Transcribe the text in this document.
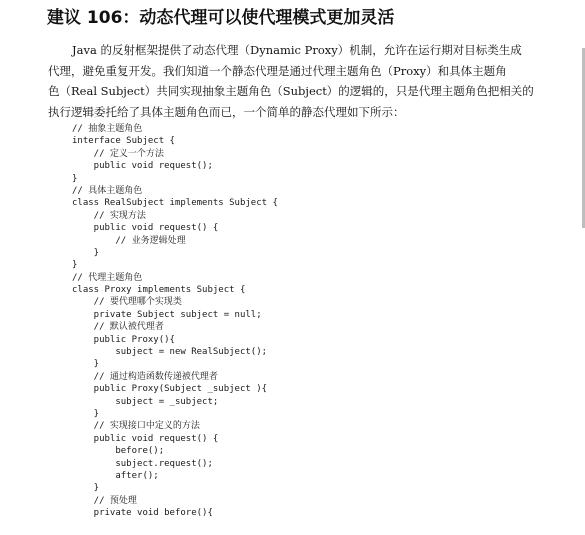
建议 106：动态代理可以使代理模式更加灵活

Java 的反射框架提供了动态代理（Dynamic Proxy）机制，允许在运行期对目标类生成
代理，避免重复开发。我们知道一个静态代理是通过代理主题角色（Proxy）和具体主题角
色（Real Subject）共同实现抽象主题角色（Subject）的逻辑的，只是代理主题角色把相关的
执行逻辑委托给了具体主题角色而已，一个简单的静态代理如下所示：

// 抽象主题角色
interface Subject {
// 定义一个方法
public void request();
}
// 具体主题角色
class RealSubject implements Subject {
// 实现方法
public void request() {
// 业务逻辑处理
}
}
// 代理主题角色
class Proxy implements Subject {
// 要代理哪个实现类
private Subject subject = null;
// 默认被代理者
public Proxy(){
subject = new RealSubject();
}
// 通过构造函数传递被代理者
public Proxy(Subject _subject ){
subject = _subject;
}
// 实现接口中定义的方法
public void request() {
before();
subject.request();
after();
}
// 预处理
private void before(){
